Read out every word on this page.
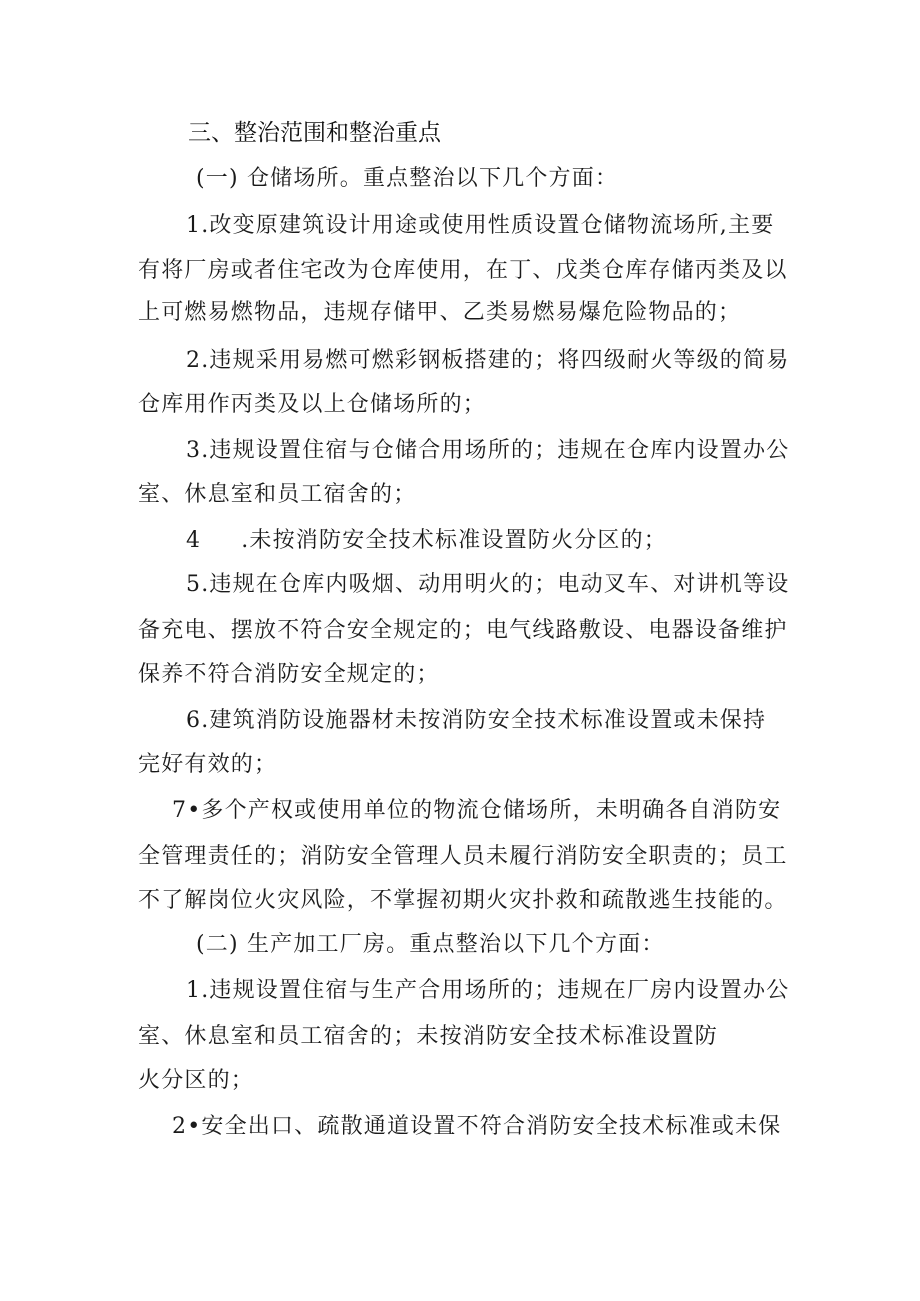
三、整治范围和整治重点
(一) 仓储场所。重点整治以下几个方面：
1.改变原建筑设计用途或使用性质设置仓储物流场所,主要
有将厂房或者住宅改为仓库使用，在丁、戊类仓库存储丙类及以
上可燃易燃物品，违规存储甲、乙类易燃易爆危险物品的；
2.违规采用易燃可燃彩钢板搭建的；将四级耐火等级的简易
仓库用作丙类及以上仓储场所的；
3.违规设置住宿与仓储合用场所的；违规在仓库内设置办公
室、休息室和员工宿舍的；
4 .未按消防安全技术标准设置防火分区的；
5.违规在仓库内吸烟、动用明火的；电动叉车、对讲机等设
备充电、摆放不符合安全规定的；电气线路敷设、电器设备维护
保养不符合消防安全规定的；
6.建筑消防设施器材未按消防安全技术标准设置或未保持
完好有效的；
7•多个产权或使用单位的物流仓储场所，未明确各自消防安
全管理责任的；消防安全管理人员未履行消防安全职责的；员工
不了解岗位火灾风险，不掌握初期火灾扑救和疏散逃生技能的。
(二) 生产加工厂房。重点整治以下几个方面：
1.违规设置住宿与生产合用场所的；违规在厂房内设置办公
室、休息室和员工宿舍的；未按消防安全技术标准设置防
火分区的；
2•安全出口、疏散通道设置不符合消防安全技术标准或未保
